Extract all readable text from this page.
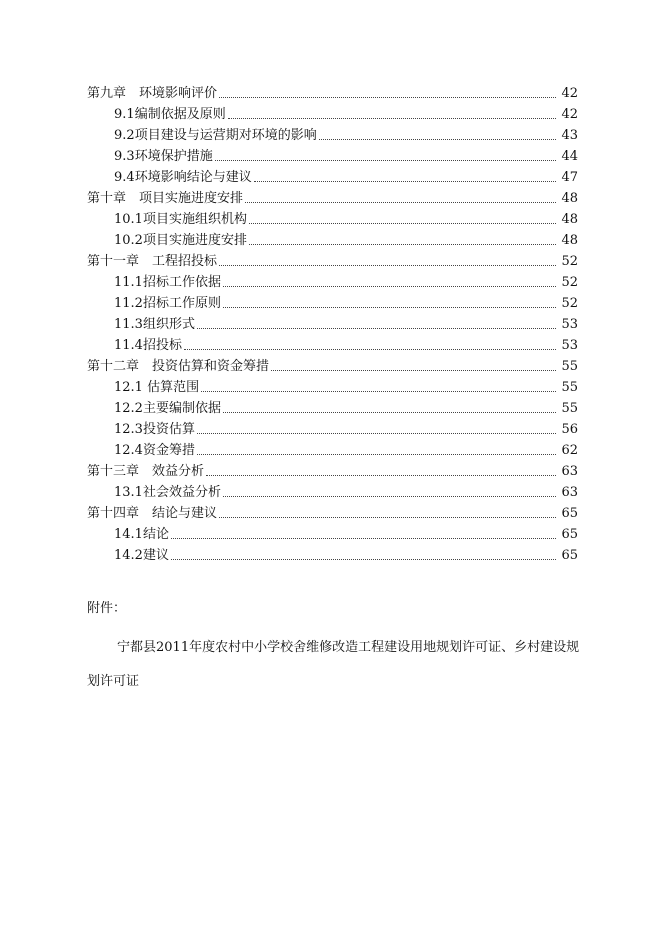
第九章 环境影响评价	42
9.1编制依据及原则	42
9.2项目建设与运营期对环境的影响	43
9.3环境保护措施	44
9.4环境影响结论与建议	47
第十章 项目实施进度安排	48
10.1项目实施组织机构	48
10.2项目实施进度安排	48
第十一章 工程招投标	52
11.1招标工作依据	52
11.2招标工作原则	52
11.3组织形式	53
11.4招投标	53
第十二章 投资估算和资金筹措	55
12.1 估算范围	55
12.2主要编制依据	55
12.3投资估算	56
12.4资金筹措	62
第十三章 效益分析	63
13.1社会效益分析	63
第十四章 结论与建议	65
14.1结论	65
14.2建议	65
附件：
宁都县2011年度农村中小学校舍维修改造工程建设用地规划许可证、乡村建设规划许可证
